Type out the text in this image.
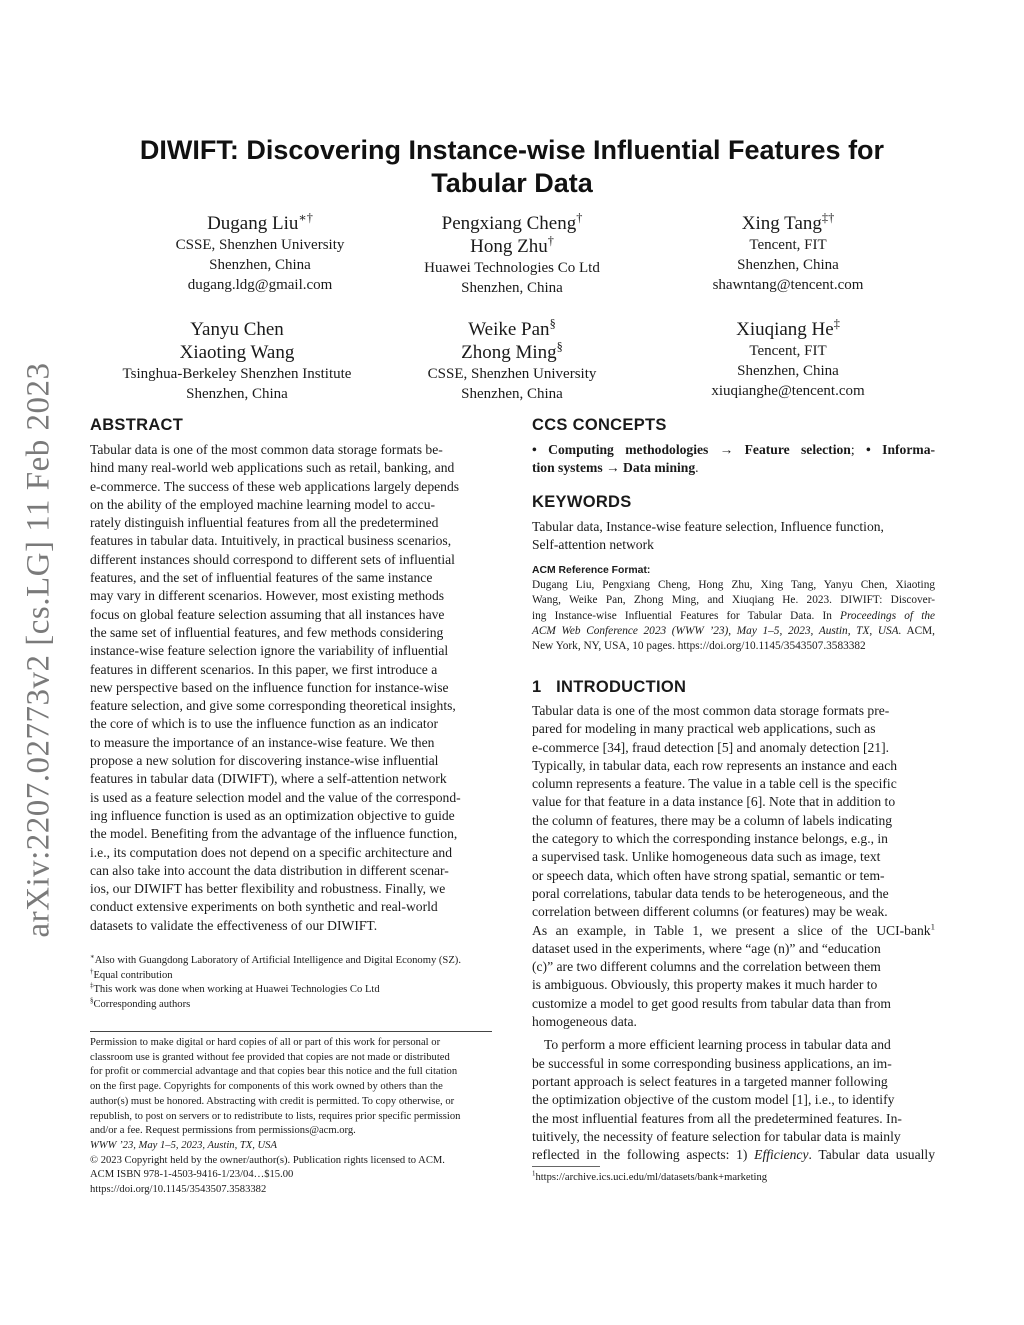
arXiv:2207.02773v2 [cs.LG] 11 Feb 2023
DIWIFT: Discovering Instance-wise Influential Features for
Tabular Data
Dugang Liu∗†
CSSE, Shenzhen University
Shenzhen, China
dugang.ldg@gmail.com
Pengxiang Cheng†
Hong Zhu†
Huawei Technologies Co Ltd
Shenzhen, China
Xing Tang‡†
Tencent, FIT
Shenzhen, China
shawntang@tencent.com
Yanyu Chen
Xiaoting Wang
Tsinghua-Berkeley Shenzhen Institute
Shenzhen, China
Weike Pan§
Zhong Ming§
CSSE, Shenzhen University
Shenzhen, China
Xiuqiang He‡
Tencent, FIT
Shenzhen, China
xiuqianghe@tencent.com
ABSTRACT
Tabular data is one of the most common data storage formats be-
hind many real-world web applications such as retail, banking, and
e-commerce. The success of these web applications largely depends
on the ability of the employed machine learning model to accu-
rately distinguish influential features from all the predetermined
features in tabular data. Intuitively, in practical business scenarios,
different instances should correspond to different sets of influential
features, and the set of influential features of the same instance
may vary in different scenarios. However, most existing methods
focus on global feature selection assuming that all instances have
the same set of influential features, and few methods considering
instance-wise feature selection ignore the variability of influential
features in different scenarios. In this paper, we first introduce a
new perspective based on the influence function for instance-wise
feature selection, and give some corresponding theoretical insights,
the core of which is to use the influence function as an indicator
to measure the importance of an instance-wise feature. We then
propose a new solution for discovering instance-wise influential
features in tabular data (DIWIFT), where a self-attention network
is used as a feature selection model and the value of the correspond-
ing influence function is used as an optimization objective to guide
the model. Benefiting from the advantage of the influence function,
i.e., its computation does not depend on a specific architecture and
can also take into account the data distribution in different scenar-
ios, our DIWIFT has better flexibility and robustness. Finally, we
conduct extensive experiments on both synthetic and real-world
datasets to validate the effectiveness of our DIWIFT.
∗Also with Guangdong Laboratory of Artificial Intelligence and Digital Economy (SZ).
†Equal contribution
‡This work was done when working at Huawei Technologies Co Ltd
§Corresponding authors
Permission to make digital or hard copies of all or part of this work for personal or
classroom use is granted without fee provided that copies are not made or distributed
for profit or commercial advantage and that copies bear this notice and the full citation
on the first page. Copyrights for components of this work owned by others than the
author(s) must be honored. Abstracting with credit is permitted. To copy otherwise, or
republish, to post on servers or to redistribute to lists, requires prior specific permission
and/or a fee. Request permissions from permissions@acm.org.
WWW ’23, May 1–5, 2023, Austin, TX, USA
© 2023 Copyright held by the owner/author(s). Publication rights licensed to ACM.
ACM ISBN 978-1-4503-9416-1/23/04…$15.00
https://doi.org/10.1145/3543507.3583382
CCS CONCEPTS
• Computing methodologies → Feature selection; • Informa-
tion systems → Data mining.
KEYWORDS
Tabular data, Instance-wise feature selection, Influence function,
Self-attention network
ACM Reference Format:
Dugang Liu, Pengxiang Cheng, Hong Zhu, Xing Tang, Yanyu Chen, Xiaoting
Wang, Weike Pan, Zhong Ming, and Xiuqiang He. 2023. DIWIFT: Discover-
ing Instance-wise Influential Features for Tabular Data. In Proceedings of the
ACM Web Conference 2023 (WWW ’23), May 1–5, 2023, Austin, TX, USA. ACM,
New York, NY, USA, 10 pages. https://doi.org/10.1145/3543507.3583382
1 INTRODUCTION
Tabular data is one of the most common data storage formats pre-
pared for modeling in many practical web applications, such as
e-commerce [34], fraud detection [5] and anomaly detection [21].
Typically, in tabular data, each row represents an instance and each
column represents a feature. The value in a table cell is the specific
value for that feature in a data instance [6]. Note that in addition to
the column of features, there may be a column of labels indicating
the category to which the corresponding instance belongs, e.g., in
a supervised task. Unlike homogeneous data such as image, text
or speech data, which often have strong spatial, semantic or tem-
poral correlations, tabular data tends to be heterogeneous, and the
correlation between different columns (or features) may be weak.
As an example, in Table 1, we present a slice of the UCI-bank$^1$
dataset used in the experiments, where “age (n)” and “education
(c)” are two different columns and the correlation between them
is ambiguous. Obviously, this property makes it much harder to
customize a model to get good results from tabular data than from
homogeneous data.
To perform a more efficient learning process in tabular data and
be successful in some corresponding business applications, an im-
portant approach is select features in a targeted manner following
the optimization objective of the custom model [1], i.e., to identify
the most influential features from all the predetermined features. In-
tuitively, the necessity of feature selection for tabular data is mainly
reflected in the following aspects: 1) Efficiency. Tabular data usually
$^1$https://archive.ics.uci.edu/ml/datasets/bank+marketing
